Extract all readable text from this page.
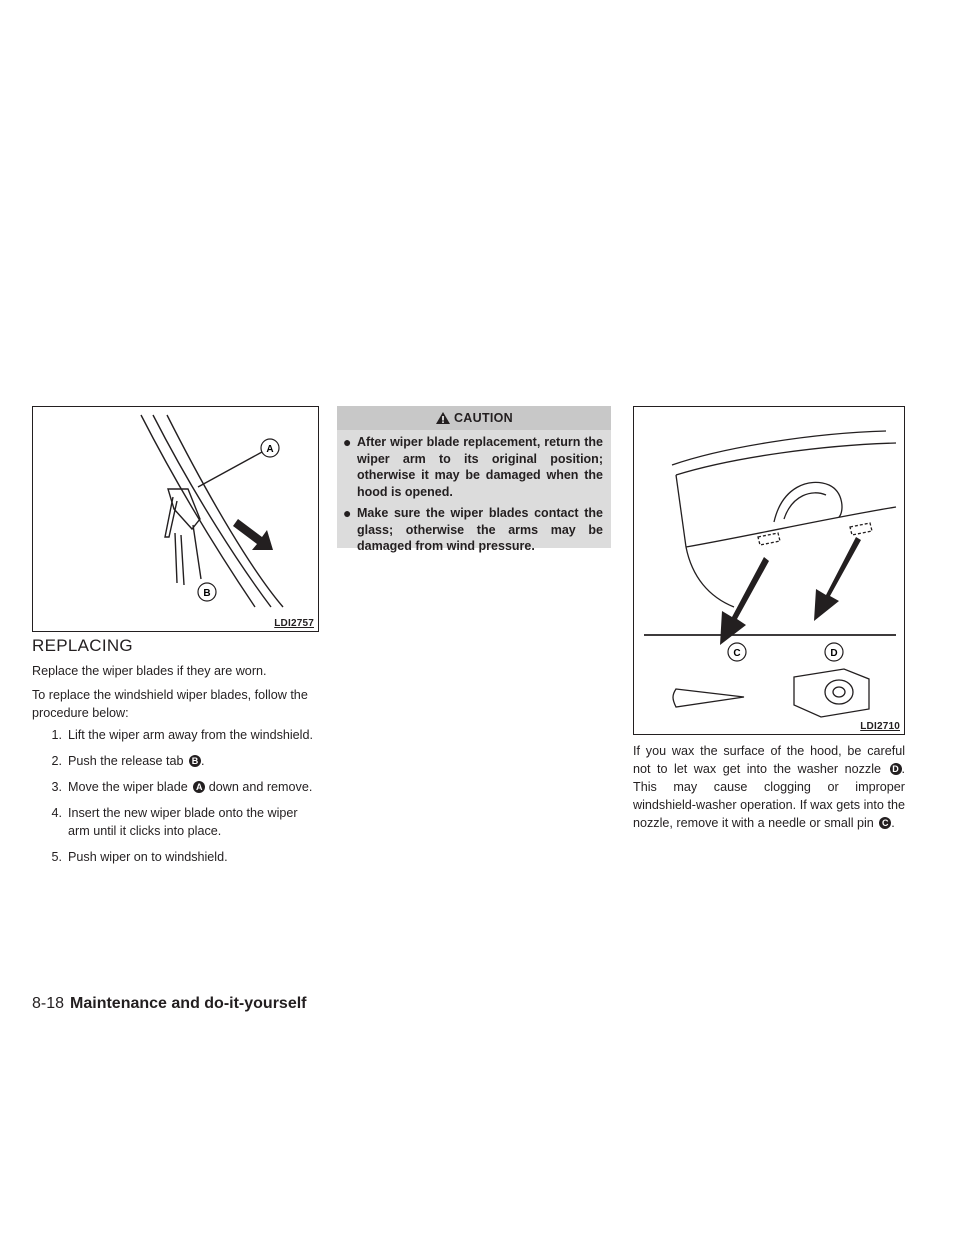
A
B
LDI2757
REPLACING
Replace the wiper blades if they are worn.
To replace the windshield wiper blades, follow the procedure below:
1. Lift the wiper arm away from the windshield.
2. Push the release tab B .
3. Move the wiper blade A down and remove.
4. Insert the new wiper blade onto the wiper arm until it clicks into place.
5. Push wiper on to windshield.
CAUTION
● After wiper blade replacement, return the wiper arm to its original position; otherwise it may be damaged when the hood is opened.
● Make sure the wiper blades contact the glass; otherwise the arms may be damaged from wind pressure.
C	D
LDI2710
If you wax the surface of the hood, be careful not to let wax get into the washer nozzle D . This may cause clogging or improper windshield-washer operation. If wax gets into the nozzle, remove it with a needle or small pin C .
8-18 Maintenance and do-it-yourself
